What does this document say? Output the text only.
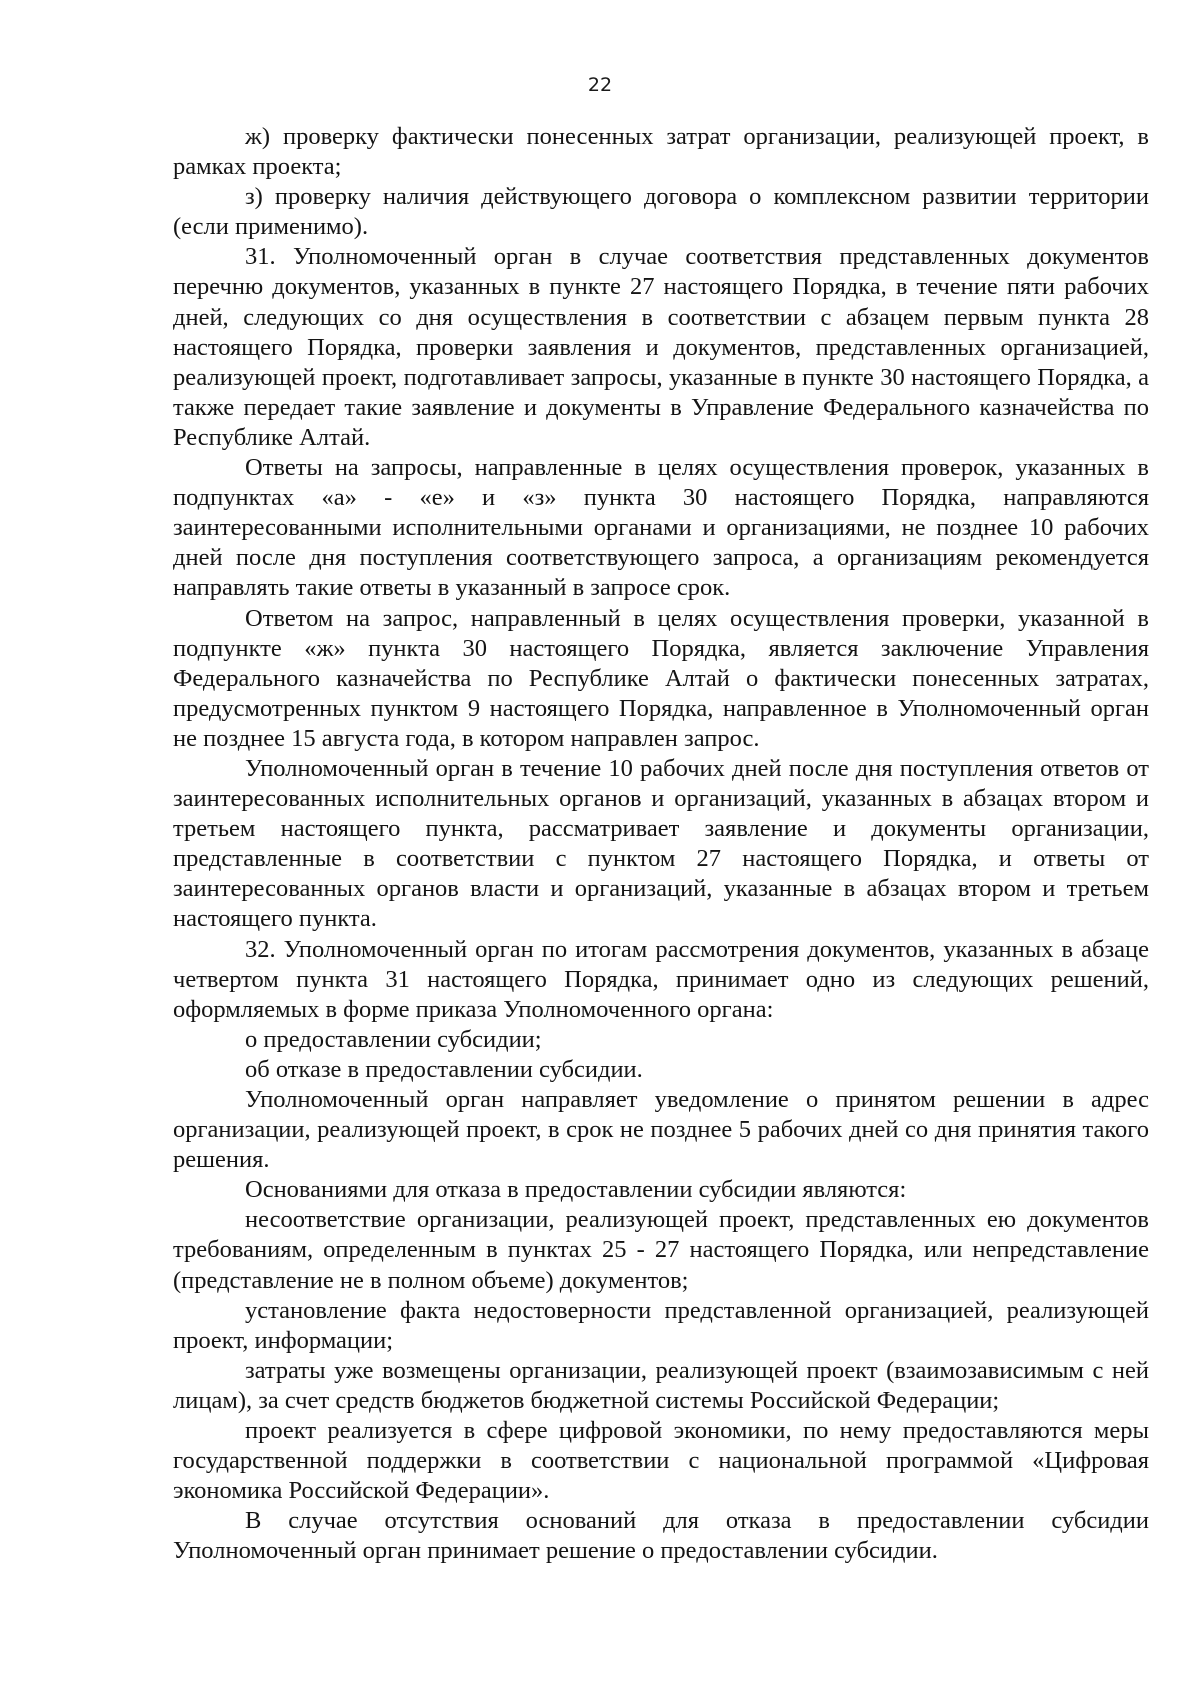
22

ж) проверку фактически понесенных затрат организации, реализующей проект, в рамках проекта;

з) проверку наличия действующего договора о комплексном развитии территории (если применимо).

31. Уполномоченный орган в случае соответствия представленных документов перечню документов, указанных в пункте 27 настоящего Порядка, в течение пяти рабочих дней, следующих со дня осуществления в соответствии с абзацем первым пункта 28 настоящего Порядка, проверки заявления и документов, представленных организацией, реализующей проект, подготавливает запросы, указанные в пункте 30 настоящего Порядка, а также передает такие заявление и документы в Управление Федерального казначейства по Республике Алтай.

Ответы на запросы, направленные в целях осуществления проверок, указанных в подпунктах «а» - «е» и «з» пункта 30 настоящего Порядка, направляются заинтересованными исполнительными органами и организациями, не позднее 10 рабочих дней после дня поступления соответствующего запроса, а организациям рекомендуется направлять такие ответы в указанный в запросе срок.

Ответом на запрос, направленный в целях осуществления проверки, указанной в подпункте «ж» пункта 30 настоящего Порядка, является заключение Управления Федерального казначейства по Республике Алтай о фактически понесенных затратах, предусмотренных пунктом 9 настоящего Порядка, направленное в Уполномоченный орган не позднее 15 августа года, в котором направлен запрос.

Уполномоченный орган в течение 10 рабочих дней после дня поступления ответов от заинтересованных исполнительных органов и организаций, указанных в абзацах втором и третьем настоящего пункта, рассматривает заявление и документы организации, представленные в соответствии с пунктом 27 настоящего Порядка, и ответы от заинтересованных органов власти и организаций, указанные в абзацах втором и третьем настоящего пункта.

32. Уполномоченный орган по итогам рассмотрения документов, указанных в абзаце четвертом пункта 31 настоящего Порядка, принимает одно из следующих решений, оформляемых в форме приказа Уполномоченного органа:

о предоставлении субсидии;

об отказе в предоставлении субсидии.

Уполномоченный орган направляет уведомление о принятом решении в адрес организации, реализующей проект, в срок не позднее 5 рабочих дней со дня принятия такого решения.

Основаниями для отказа в предоставлении субсидии являются:

несоответствие организации, реализующей проект, представленных ею документов требованиям, определенным в пунктах 25 - 27 настоящего Порядка, или непредставление (представление не в полном объеме) документов;

установление факта недостоверности представленной организацией, реализующей проект, информации;

затраты уже возмещены организации, реализующей проект (взаимозависимым с ней лицам), за счет средств бюджетов бюджетной системы Российской Федерации;

проект реализуется в сфере цифровой экономики, по нему предоставляются меры государственной поддержки в соответствии с национальной программой «Цифровая экономика Российской Федерации».

В случае отсутствия оснований для отказа в предоставлении субсидии Уполномоченный орган принимает решение о предоставлении субсидии.
